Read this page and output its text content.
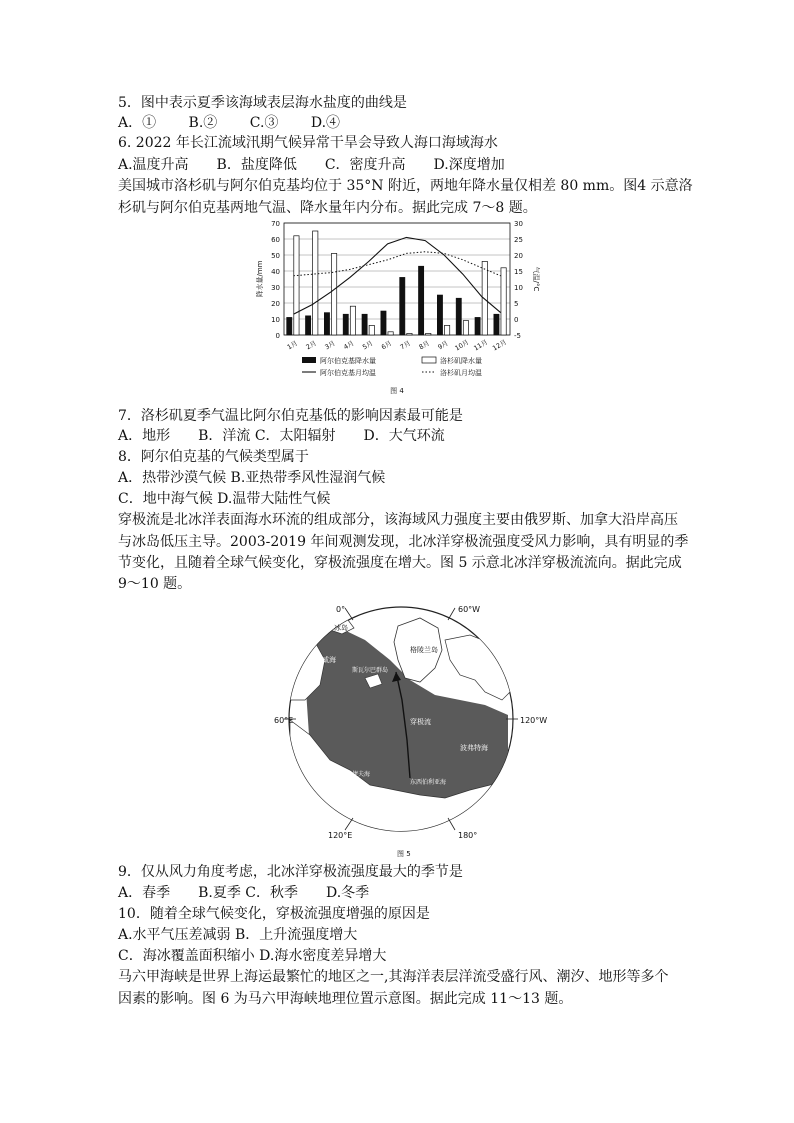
5．图中表示夏季该海域表层海水盐度的曲线是
A．①　　 B.②　　 C.③　　 D.④
6. 2022 年长江流域汛期气候异常干旱会导致人海口海域海水
A.温度升高　　B．盐度降低　　C．密度升高　　D.深度增加
美国城市洛杉矶与阿尔伯克基均位于 35°N 附近，两地年降水量仅相差 80 mm。图4 示意洛
杉矶与阿尔伯克基两地气温、降水量年内分布。据此完成 7～8 题。
70
60
50
40
30
20
10
0
30
25
20
15
10
5
0
-5
降水量/mm	气温/°C
1月 2月 3月 4月 5月 6月 7月 8月 9月 10月 11月 12月
阿尔伯克基降水量	洛杉矶降水量
阿尔伯克基月均温	洛杉矶月均温
图 4
7．洛杉矶夏季气温比阿尔伯克基低的影响因素最可能是
A．地形　　B．洋流 C．太阳辐射　　D．大气环流
8．阿尔伯克基的气候类型属于
A．热带沙漠气候 B.亚热带季风性湿润气候
C．地中海气候 D.温带大陆性气候
穿极流是北冰洋表面海水环流的组成部分，该海域风力强度主要由俄罗斯、加拿大沿岸高压
与冰岛低压主导。2003-2019 年间观测发现，北冰洋穿极流强度受风力影响，具有明显的季
节变化，且随着全球气候变化，穿极流强度在增大。图 5 示意北冰洋穿极流流向。据此完成
9～10 题。
0°	60°W
60°E	120°W
120°E	180°
冰岛
挪威海
格陵兰岛
斯瓦尔巴群岛
穿极流
波弗特海
拉普捷夫海
东西伯利亚海
图 5
9．仅从风力角度考虑，北冰洋穿极流强度最大的季节是
A．春季　　B.夏季 C．秋季　　D.冬季
10．随着全球气候变化，穿极流强度增强的原因是
A.水平气压差减弱 B．上升流强度增大
C．海冰覆盖面积缩小 D.海水密度差异增大
马六甲海峡是世界上海运最繁忙的地区之一,其海洋表层洋流受盛行风、潮汐、地形等多个
因素的影响。图 6 为马六甲海峡地理位置示意图。据此完成 11～13 题。
